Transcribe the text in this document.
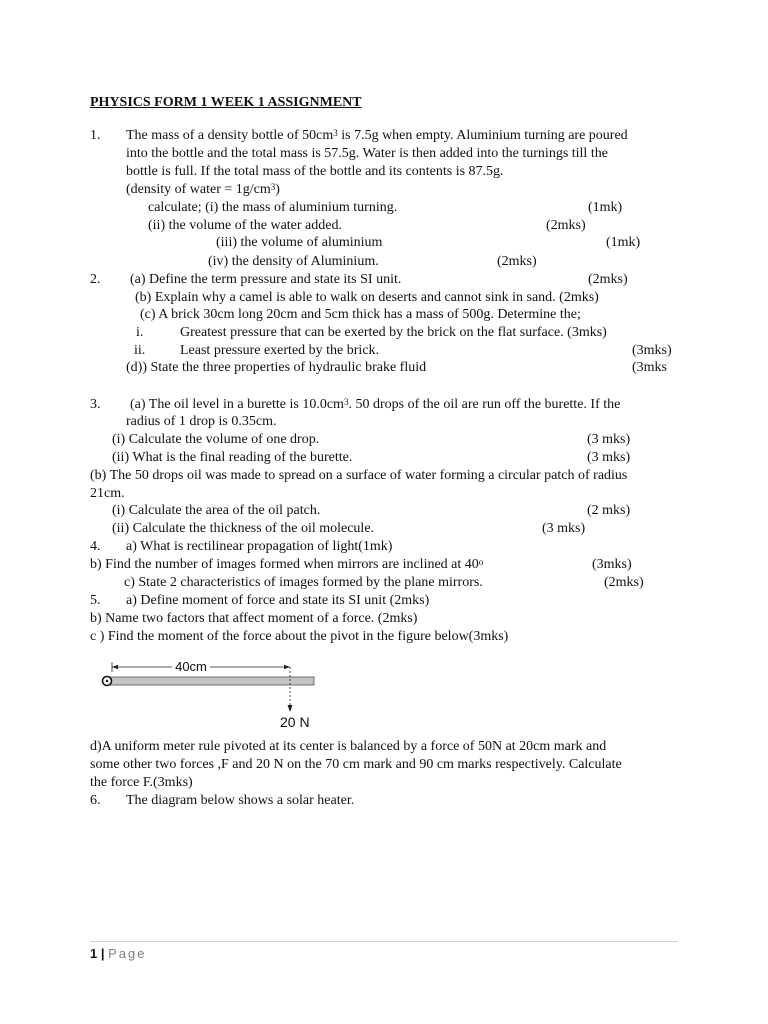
PHYSICS FORM 1 WEEK 1 ASSIGNMENT
1. The mass of a density bottle of $50cm^3$ is 7.5g when empty. Aluminium turning are poured
into the bottle and the total mass is 57.5g. Water is then added into the turnings till the
bottle is full. If the total mass of the bottle and its contents is 87.5g.
(density of water = $1g/cm^3$)
calculate; (i) the mass of aluminium turning.	(1mk)
(ii) the volume of the water added.	(2mks)
(iii) the volume of aluminium	(1mk)
(iv) the density of Aluminium.	(2mks)
2. (a) Define the term pressure and state its SI unit.	(2mks)
(b) Explain why a camel is able to walk on deserts and cannot sink in sand. (2mks)
(c) A brick 30cm long 20cm and 5cm thick has a mass of 500g. Determine the;
i.	Greatest pressure that can be exerted by the brick on the flat surface. (3mks)
ii. Least pressure exerted by the brick.	(3mks)
(d)) State the three properties of hydraulic brake fluid	(3mks
3. (a) The oil level in a burette is $10.0cm^3$. 50 drops of the oil are run off the burette. If the
radius of 1 drop is 0.35cm.
(i) Calculate the volume of one drop.	(3 mks)
(ii) What is the final reading of the burette.	(3 mks)
(b) The 50 drops oil was made to spread on a surface of water forming a circular patch of radius
21cm.
(i) Calculate the area of the oil patch.	(2 mks)
(ii) Calculate the thickness of the oil molecule.	(3 mks)
4. a) What is rectilinear propagation of light(1mk)
b) Find the number of images formed when mirrors are inclined at 40$^o$	(3mks)
c) State 2 characteristics of images formed by the plane mirrors.	(2mks)
5. a) Define moment of force and state its SI unit (2mks)
b) Name two factors that affect moment of a force. (2mks)
c ) Find the moment of the force about the pivot in the figure below(3mks)
40cm
20 N
d)A uniform meter rule pivoted at its center is balanced by a force of 50N at 20cm mark and
some other two forces ,F and 20 N on the 70 cm mark and 90 cm marks respectively. Calculate
the force F.(3mks)
6. The diagram below shows a solar heater.
1 | Page
